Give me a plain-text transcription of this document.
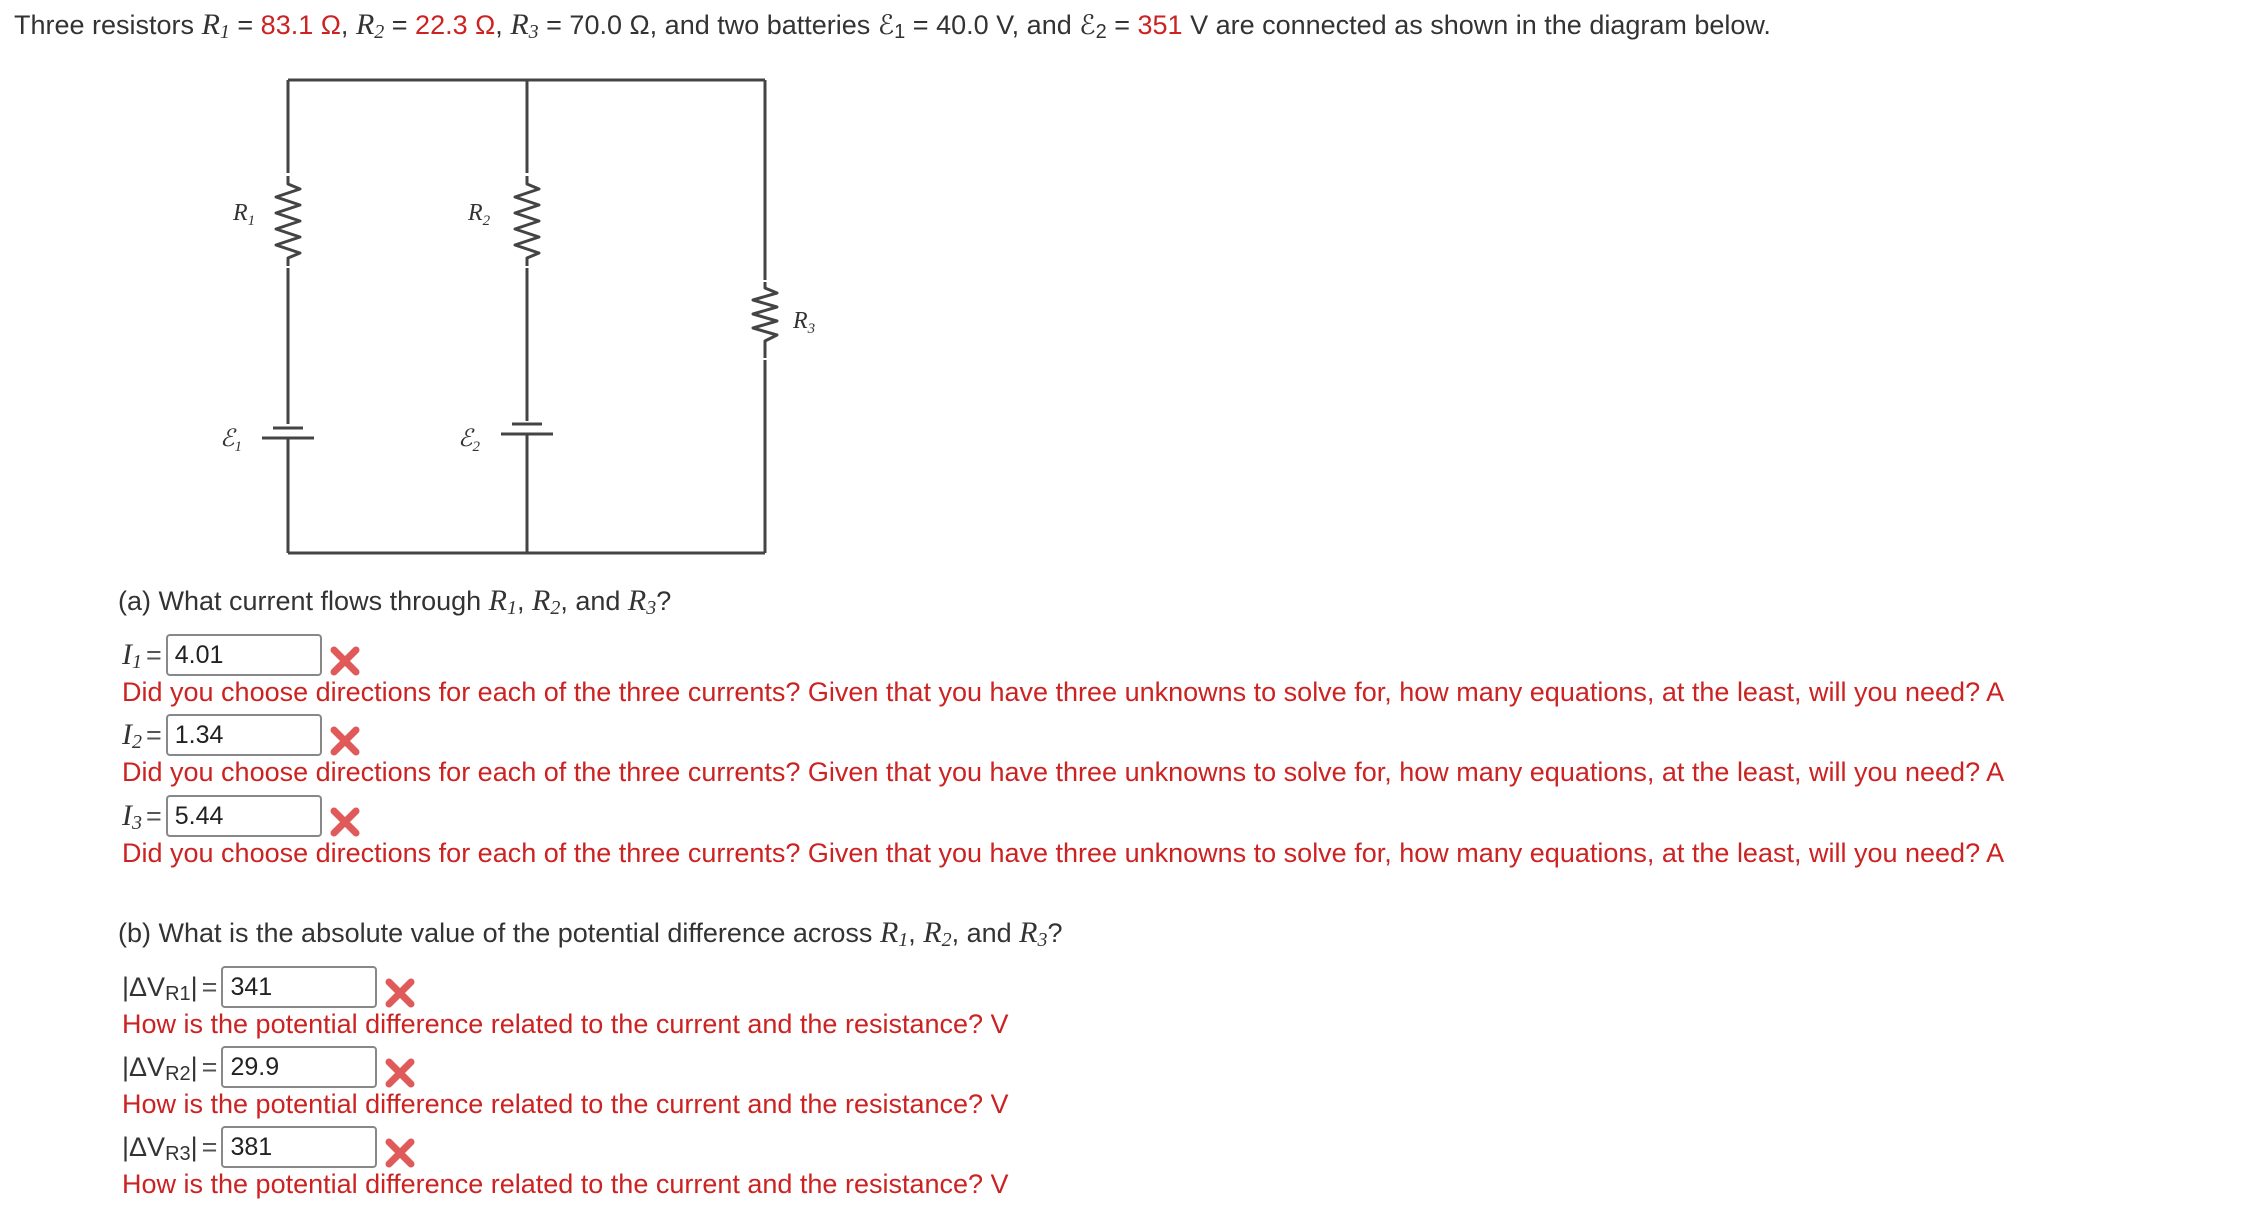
Three resistors $R_1 = 83.1$ Ω, $R_2 = 22.3$ Ω, $R_3 = 70.0$ Ω, and two batteries ℰ$_1$ = 40.0 V, and ℰ$_2$ = 351 V are connected as shown in the diagram below.
$R_1$	$R_2$
$R_3$
ℰ$_1$	ℰ$_2$
(a) What current flows through $R_1$, $R_2$, and $R_3$?
$I_1 = 4.01$
Did you choose directions for each of the three currents? Given that you have three unknowns to solve for, how many equations, at the least, will you need? A
$I_2 = 1.34$
Did you choose directions for each of the three currents? Given that you have three unknowns to solve for, how many equations, at the least, will you need? A
$I_3 = 5.44$
Did you choose directions for each of the three currents? Given that you have three unknowns to solve for, how many equations, at the least, will you need? A
(b) What is the absolute value of the potential difference across $R_1$, $R_2$, and $R_3$?
$|\Delta V_{R1}| = 341$
How is the potential difference related to the current and the resistance? V
$|\Delta V_{R2}| = 29.9$
How is the potential difference related to the current and the resistance? V
$|\Delta V_{R3}| = 381$
How is the potential difference related to the current and the resistance? V
